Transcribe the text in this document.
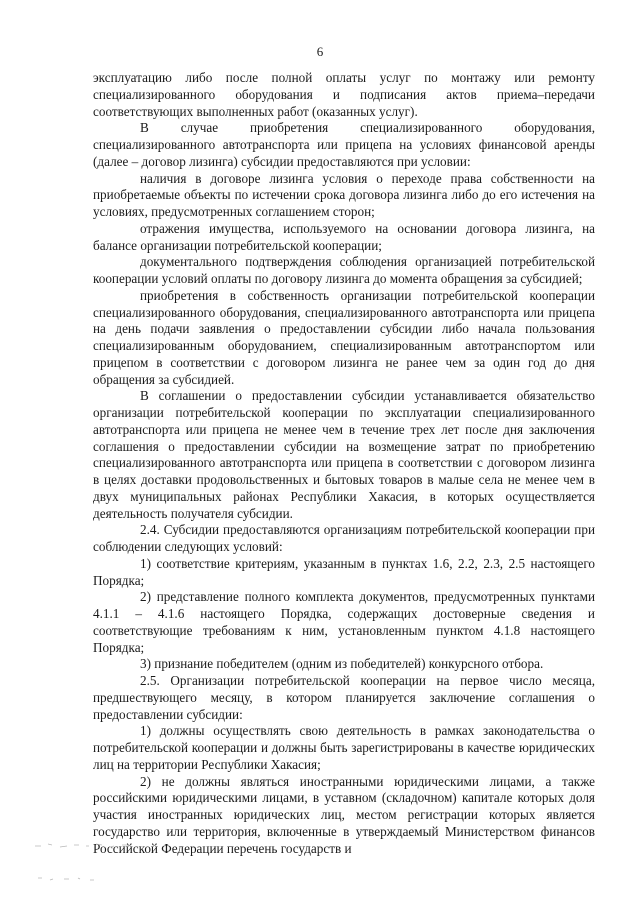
6

эксплуатацию либо после полной оплаты услуг по монтажу или ремонту специализированного оборудования и подписания актов приема–передачи соответствующих выполненных работ (оказанных услуг).

В случае приобретения специализированного оборудования, специализированного автотранспорта или прицепа на условиях финансовой аренды (далее – договор лизинга) субсидии предоставляются при условии:

наличия в договоре лизинга условия о переходе права собственности на приобретаемые объекты по истечении срока договора лизинга либо до его истечения на условиях, предусмотренных соглашением сторон;

отражения имущества, используемого на основании договора лизинга, на балансе организации потребительской кооперации;

документального подтверждения соблюдения организацией потребительской кооперации условий оплаты по договору лизинга до момента обращения за субсидией;

приобретения в собственность организации потребительской кооперации специализированного оборудования, специализированного автотранспорта или прицепа на день подачи заявления о предоставлении субсидии либо начала пользования специализированным оборудованием, специализированным автотранспортом или прицепом в соответствии с договором лизинга не ранее чем за один год до дня обращения за субсидией.

В соглашении о предоставлении субсидии устанавливается обязательство организации потребительской кооперации по эксплуатации специализированного автотранспорта или прицепа не менее чем в течение трех лет после дня заключения соглашения о предоставлении субсидии на возмещение затрат по приобретению специализированного автотранспорта или прицепа в соответствии с договором лизинга в целях доставки продовольственных и бытовых товаров в малые села не менее чем в двух муниципальных районах Республики Хакасия, в которых осуществляется деятельность получателя субсидии.

2.4. Субсидии предоставляются организациям потребительской кооперации при соблюдении следующих условий:

1) соответствие критериям, указанным в пунктах 1.6, 2.2, 2.3, 2.5 настоящего Порядка;

2) представление полного комплекта документов, предусмотренных пунктами 4.1.1 – 4.1.6 настоящего Порядка, содержащих достоверные сведения и соответствующие требованиям к ним, установленным пунктом 4.1.8 настоящего Порядка;

3) признание победителем (одним из победителей) конкурсного отбора.

2.5. Организации потребительской кооперации на первое число месяца, предшествующего месяцу, в котором планируется заключение соглашения о предоставлении субсидии:

1) должны осуществлять свою деятельность в рамках законодательства о потребительской кооперации и должны быть зарегистрированы в качестве юридических лиц на территории Республики Хакасия;

2) не должны являться иностранными юридическими лицами, а также российскими юридическими лицами, в уставном (складочном) капитале которых доля участия иностранных юридических лиц, местом регистрации которых является государство или территория, включенные в утверждаемый Министерством финансов Российской Федерации перечень государств и
